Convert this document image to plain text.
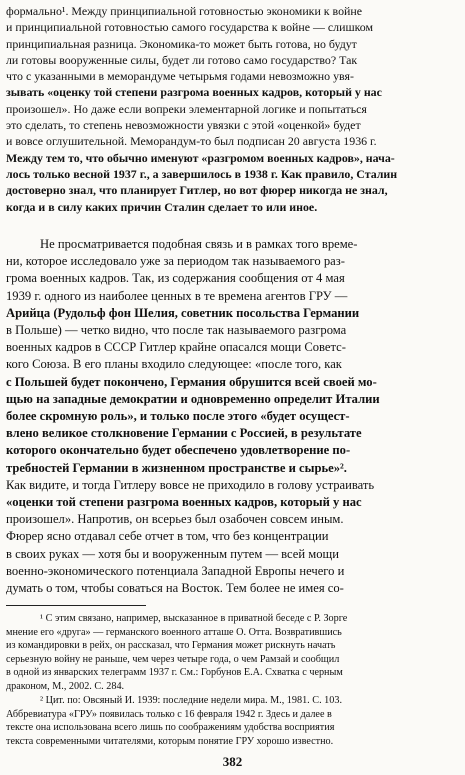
формально¹. Между принципиальной готовностью экономики к войне
и принципиальной готовностью самого государства к войне — слишком
принципиальная разница. Экономика-то может быть готова, но будут
ли готовы вооруженные силы, будет ли готово само государство? Так
что с указанными в меморандуме четырьмя годами невозможно увя-
зывать «оценку той степени разгрома военных кадров, который у нас
произошел». Но даже если вопреки элементарной логике и попытаться
это сделать, то степень невозможности увязки с этой «оценкой» будет
и вовсе оглушительной. Меморандум-то был подписан 20 августа 1936 г.
Между тем то, что обычно именуют «разгромом военных кадров», нача-
лось только весной 1937 г., а завершилось в 1938 г. Как правило, Сталин
достоверно знал, что планирует Гитлер, но вот фюрер никогда не знал,
когда и в силу каких причин Сталин сделает то или иное.
Не просматривается подобная связь и в рамках того време-
ни, которое исследовало уже за периодом так называемого раз-
грома военных кадров. Так, из содержания сообщения от 4 мая
1939 г. одного из наиболее ценных в те времена агентов ГРУ —
Арийца (Рудольф фон Шелия, советник посольства Германии
в Польше) — четко видно, что после так называемого разгрома
военных кадров в СССР Гитлер крайне опасался мощи Советс-
кого Союза. В его планы входило следующее: «после того, как
с Польшей будет покончено, Германия обрушится всей своей мо-
щью на западные демократии и одновременно определит Италии
более скромную роль», и только после этого «будет осущест-
влено великое столкновение Германии с Россией, в результате
которого окончательно будет обеспечено удовлетворение по-
требностей Германии в жизненном пространстве и сырье»².
Как видите, и тогда Гитлеру вовсе не приходило в голову устраивать
«оценки той степени разгрома военных кадров, который у нас
произошел». Напротив, он всерьез был озабочен совсем иным.
Фюрер ясно отдавал себе отчет в том, что без концентрации
в своих руках — хотя бы и вооруженным путем — всей мощи
военно-экономического потенциала Западной Европы нечего и
думать о том, чтобы соваться на Восток. Тем более не имея со-
¹ С этим связано, например, высказанное в приватной беседе с Р. Зорге
мнение его «друга» — германского военного атташе О. Отта. Возвратившись
из командировки в рейх, он рассказал, что Германия может рискнуть начать
серьезную войну не раньше, чем через четыре года, о чем Рамзай и сообщил
в одной из январских телеграмм 1937 г. См.: Горбунов Е.А. Схватка с черным
драконом, М., 2002. С. 284.
² Цит. по: Овсяный И. 1939: последние недели мира. М., 1981. С. 103.
Аббревиатура «ГРУ» появилась только с 16 февраля 1942 г. Здесь и далее в
тексте она использована всего лишь по соображениям удобства восприятия
текста современными читателями, которым понятие ГРУ хорошо известно.
382
